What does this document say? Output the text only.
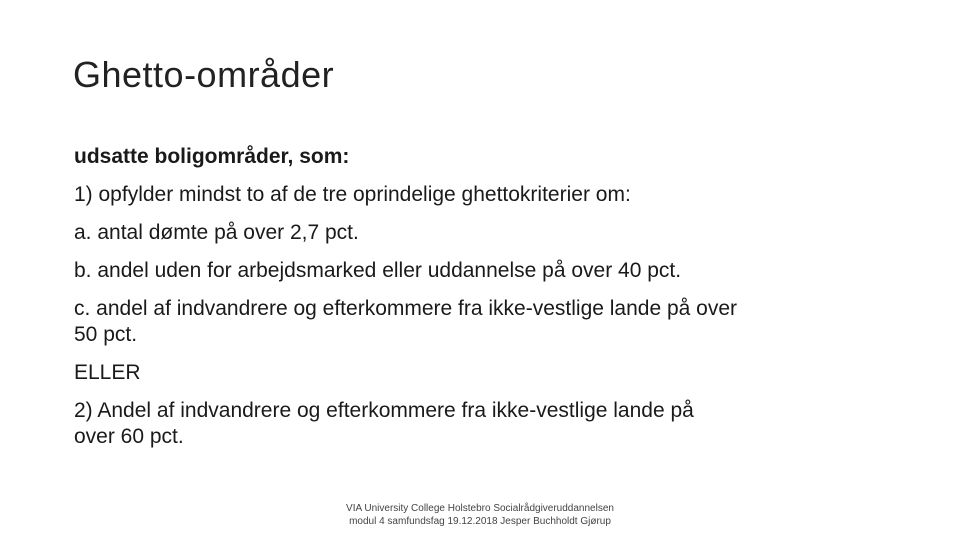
Ghetto-områder
udsatte boligområder, som:
1) opfylder mindst to af de tre oprindelige ghettokriterier om:
a. antal dømte på over 2,7 pct.
b. andel uden for arbejdsmarked eller uddannelse på over 40 pct.
c. andel af indvandrere og efterkommere fra ikke-vestlige lande på over
50 pct.
ELLER
2) Andel af indvandrere og efterkommere fra ikke-vestlige lande på
over 60 pct.
VIA University College Holstebro Socialrådgiveruddannelsen
modul 4 samfundsfag 19.12.2018 Jesper Buchholdt Gjørup
